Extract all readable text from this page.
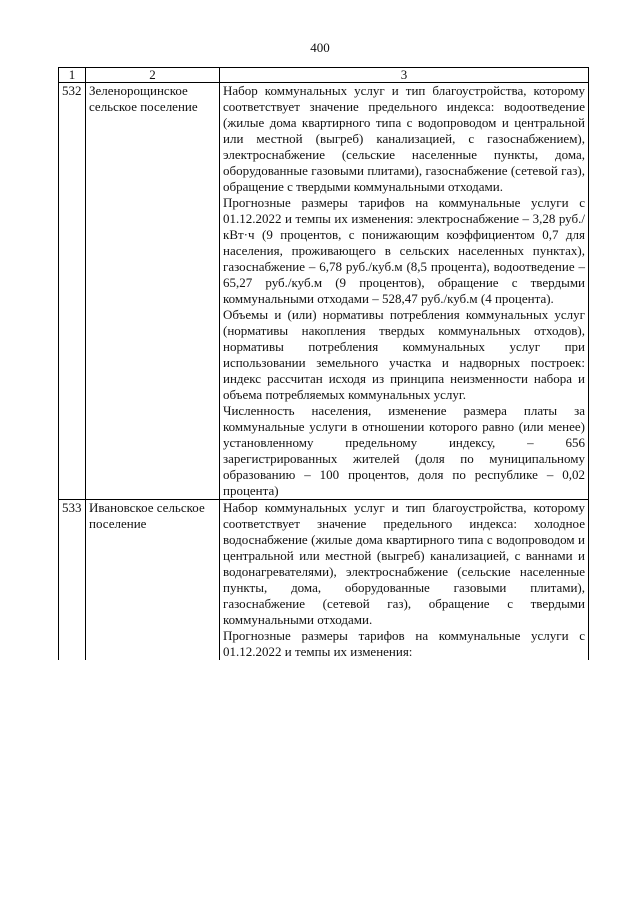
400
1	2	3
532	Зеленорощинское сельское поселение	Набор коммунальных услуг и тип благоустройства, которому соответствует значение предельного индекса: водоотведение (жилые дома квартирного типа с водопроводом и центральной или местной (выгреб) канализацией, с газоснабжением), электроснабжение (сельские населенные пункты, дома, оборудованные газовыми плитами), газоснабжение (сетевой газ), обращение с твердыми коммунальными отходами.

Прогнозные размеры тарифов на коммунальные услуги с 01.12.2022 и темпы их изменения: электроснабжение – 3,28 руб./кВт·ч (9 процентов, с понижающим коэффициентом 0,7 для населения, проживающего в сельских населенных пунктах), газоснабжение – 6,78 руб./куб.м (8,5 процента), водоотведение – 65,27 руб./куб.м (9 процентов), обращение с твердыми коммунальными отходами – 528,47 руб./куб.м (4 процента).

Объемы и (или) нормативы потребления коммунальных услуг (нормативы накопления твердых коммунальных отходов), нормативы потребления коммунальных услуг при использовании земельного участка и надворных построек: индекс рассчитан исходя из принципа неизменности набора и объема потребляемых коммунальных услуг.

Численность населения, изменение размера платы за коммунальные услуги в отношении которого равно (или менее) установленному предельному индексу, – 656 зарегистрированных жителей (доля по муниципальному образованию – 100 процентов, доля по республике – 0,02 процента)

533	Ивановское сельское поселение	Набор коммунальных услуг и тип благоустройства, которому соответствует значение предельного индекса: холодное водоснабжение (жилые дома квартирного типа с водопроводом и центральной или местной (выгреб) канализацией, с ваннами и водонагревателями), электроснабжение (сельские населенные пункты, дома, оборудованные газовыми плитами), газоснабжение (сетевой газ), обращение с твердыми коммунальными отходами.

Прогнозные размеры тарифов на коммунальные услуги с 01.12.2022 и темпы их изменения:
